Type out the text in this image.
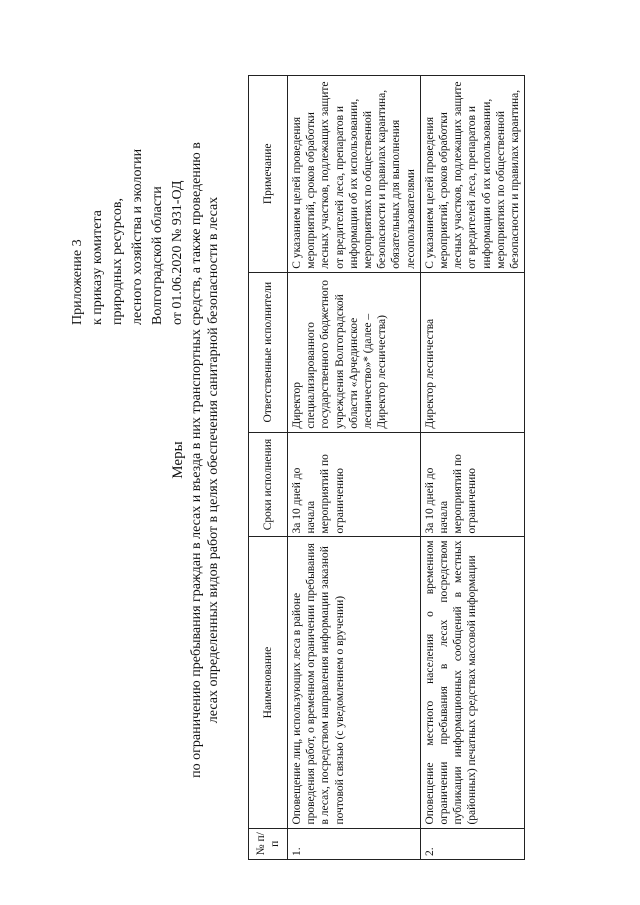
Приложение 3 к приказу комитета природных ресурсов, лесного хозяйства и экологии Волгоградской области от 01.06.2020 № 931-ОД
Меры по ограничению пребывания граждан в лесах и въезда в них транспортных средств, а также проведению в лесах определенных видов работ в целях обеспечения санитарной безопасности в лесах
№ п/п	Наименование	Сроки исполнения	Ответственные исполнители	Примечание
1.	Оповещение лиц, использующих леса в районе проведения работ, о временном ограничении пребывания в лесах, посредством направления информации заказной почтовой связью (с уведомлением о вручении)	За 10 дней до начала мероприятий по ограничению	Директор специализированного государственного бюджетного учреждения Волгоградской области «Арчединское лесничество»* (далее – Директор лесничества)	С указанием целей проведения мероприятий, сроков обработки лесных участков, подлежащих защите от вредителей леса, препаратов и информации об их использовании, мероприятиях по общественной безопасности и правилах карантина, обязательных для выполнения лесопользователями
2.	Оповещение местного населения о временном ограничении пребывания в лесах посредством публикации информационных сообщений в местных (районных) печатных средствах массовой информации	За 10 дней до начала мероприятий по ограничению	Директор лесничества	С указанием целей проведения мероприятий, сроков обработки лесных участков, подлежащих защите от вредителей леса, препаратов и информации об их использовании, мероприятиях по общественной безопасности и правилах карантина,
